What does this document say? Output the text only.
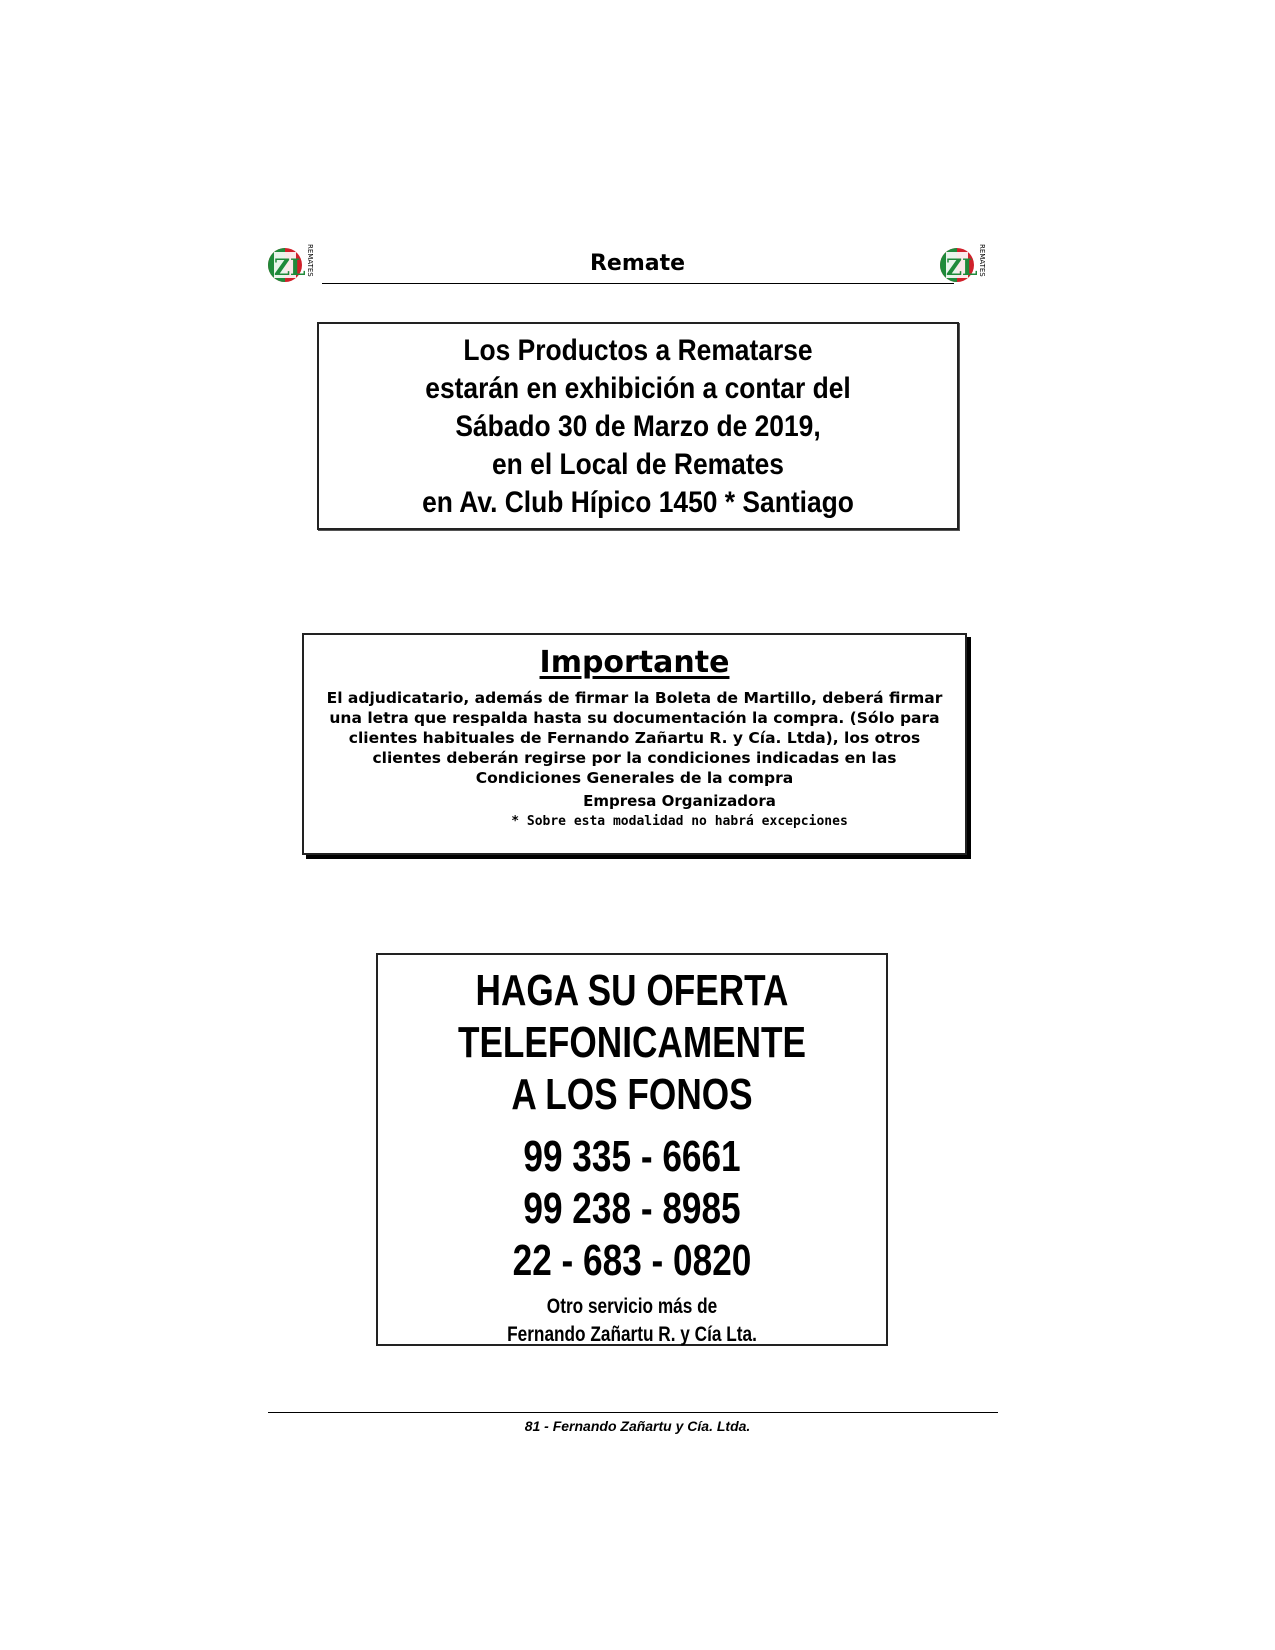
ZL REMATES	ZL REMATES
Remate
Los Productos a Rematarse
estarán en exhibición a contar del
Sábado 30 de Marzo de 2019,
en el Local de Remates
en Av. Club Hípico 1450 * Santiago
Importante
El adjudicatario, además de firmar la Boleta de Martillo, deberá firmar una letra que respalda hasta su documentación la compra. (Sólo para clientes habituales de Fernando Zañartu R. y Cía. Ltda), los otros clientes deberán regirse por la condiciones indicadas en las Condiciones Generales de la compra
Empresa Organizadora
* Sobre esta modalidad no habrá excepciones
HAGA SU OFERTA
TELEFONICAMENTE
A LOS FONOS
99 335 - 6661
99 238 - 8985
22 - 683 - 0820
Otro servicio más de
Fernando Zañartu R. y Cía Lta.
81 - Fernando Zañartu y Cía. Ltda.
